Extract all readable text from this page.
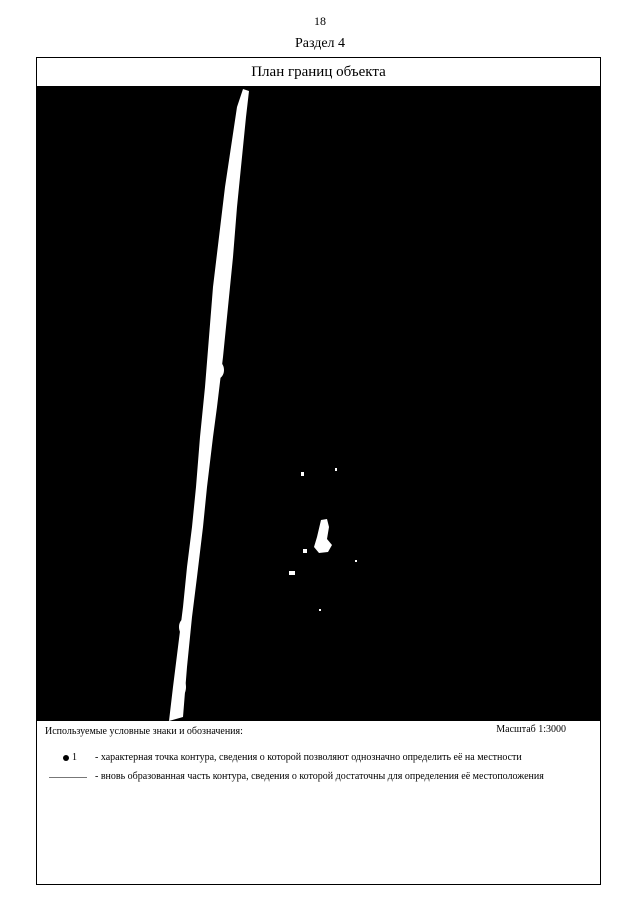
18
Раздел 4
План границ объекта
Используемые условные знаки и обозначения:	Масштаб 1:3000
1 - характерная точка контура, сведения о которой позволяют однозначно определить её на местности
- вновь образованная часть контура, сведения о которой достаточны для определения её местоположения
